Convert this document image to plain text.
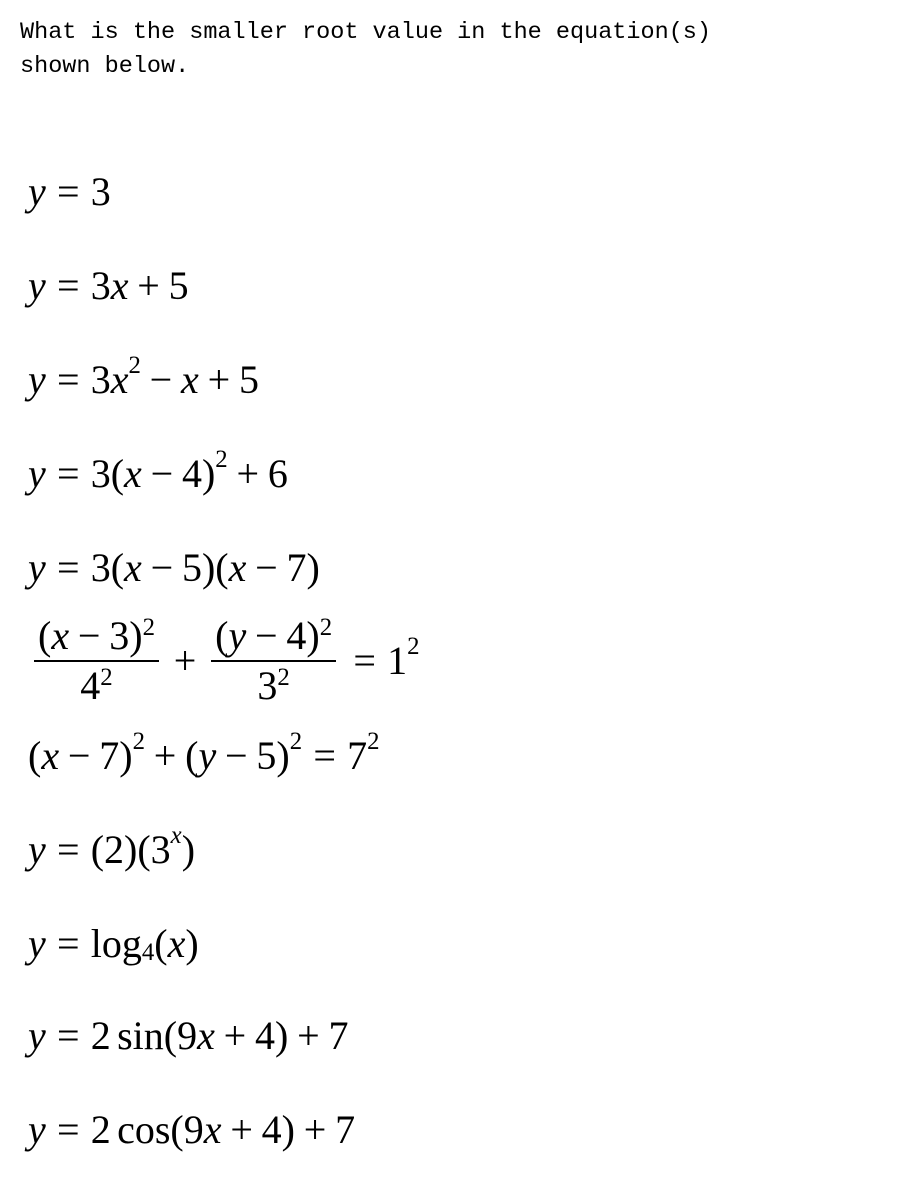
What is the smaller root value in the equation(s)
shown below.

y = 3
y = 3 x + 5
y = 3 $x^2 - x + 5$
y = 3( x − 4)$^2$ + 6
y = 3( x − 5)( x − 7)
$\frac{(x - 3)^2}{4^2} + \frac{(y - 4)^2}{3^2} = 1^2$
( x − 7)$^2$ + ( $y - 5)^2 = 7^2$
y = (2)(3 $^x$ )
$y = \log_4$ ( x )
y = 2 sin (9 x + 4) + 7
y = 2 cos (9 x + 4) + 7
